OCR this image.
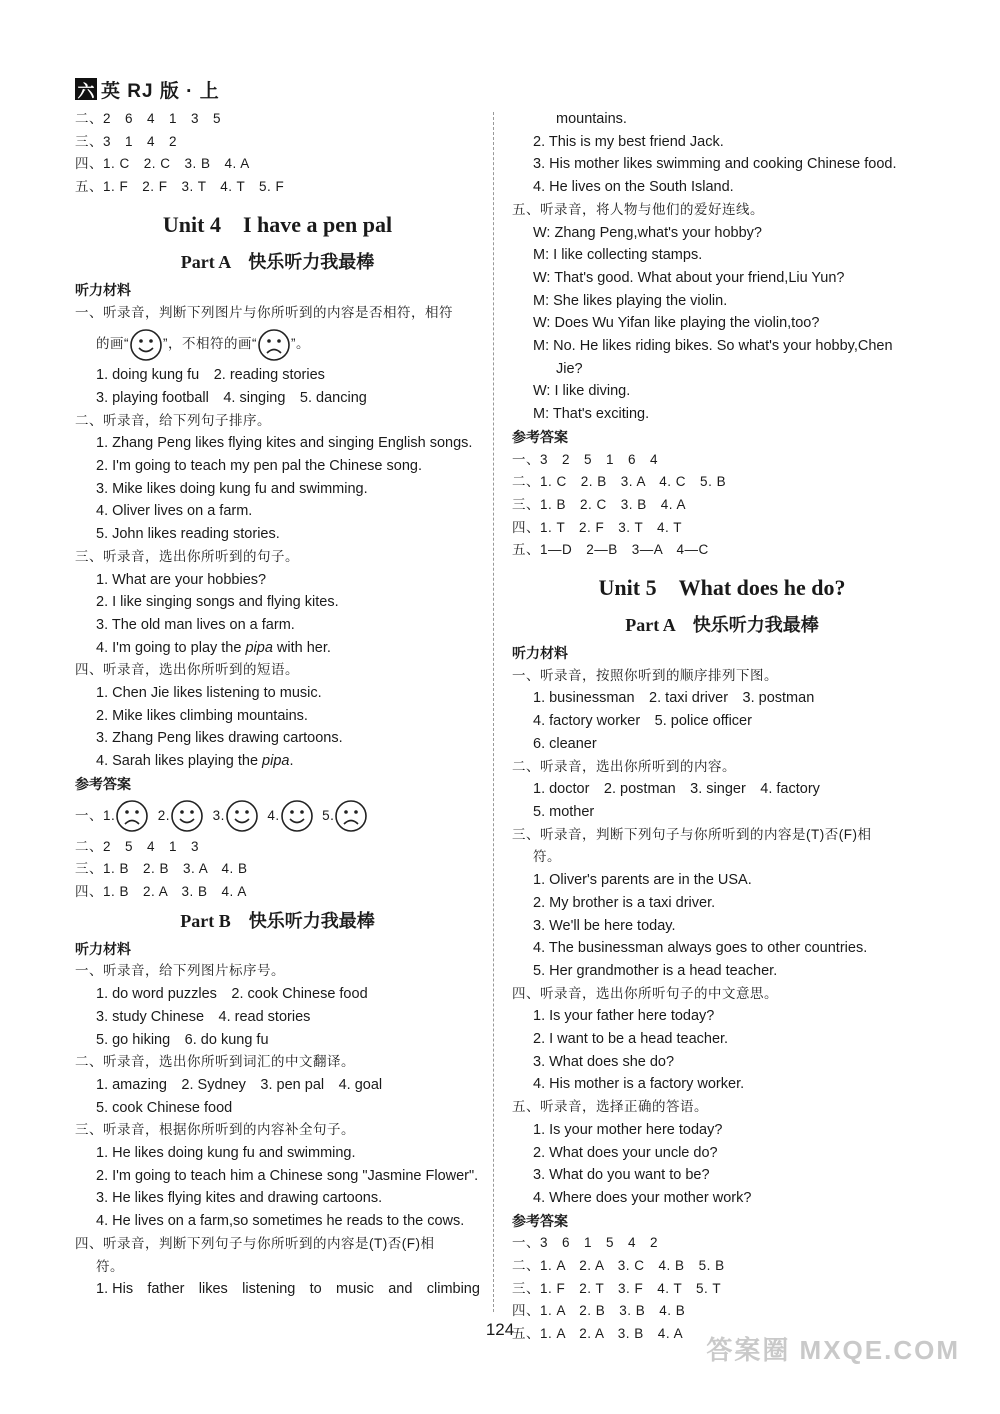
六 英 RJ 版 · 上
二、2　6　4　1　3　5
三、3　1　4　2
四、1. C　2. C　3. B　4. A
五、1. F　2. F　3. T　4. T　5. F
Unit 4　I have a pen pal
Part A　快乐听力我最棒
听力材料
一、听录音，判断下列图片与你所听到的内容是否相符，相符
的画“	”，不相符的画“	”。
1. doing kung fu　2. reading stories
3. playing football　4. singing　5. dancing
二、听录音，给下列句子排序。
1. Zhang Peng likes flying kites and singing English songs.
2. I'm going to teach my pen pal the Chinese song.
3. Mike likes doing kung fu and swimming.
4. Oliver lives on a farm.
5. John likes reading stories.
三、听录音，选出你所听到的句子。
1. What are your hobbies?
2. I like singing songs and flying kites.
3. The old man lives on a farm.
4. I'm going to play the pipa with her.
四、听录音，选出你所听到的短语。
1. Chen Jie likes listening to music.
2. Mike likes climbing mountains.
3. Zhang Peng likes drawing cartoons.
4. Sarah likes playing the pipa.
参考答案
一、1.	2.	3.	4.	5.
二、2　5　4　1　3
三、1. B　2. B　3. A　4. B
四、1. B　2. A　3. B　4. A
Part B　快乐听力我最棒
听力材料
一、听录音，给下列图片标序号。
1. do word puzzles　2. cook Chinese food
3. study Chinese　4. read stories
5. go hiking　6. do kung fu
二、听录音，选出你所听到词汇的中文翻译。
1. amazing　2. Sydney　3. pen pal　4. goal
5. cook Chinese food
三、听录音，根据你所听到的内容补全句子。
1. He likes doing kung fu and swimming.
2. I'm going to teach him a Chinese song "Jasmine Flower".
3. He likes flying kites and drawing cartoons.
4. He lives on a farm,so sometimes he reads to the cows.
四、听录音，判断下列句子与你所听到的内容是(T)否(F)相
符。
1. His father likes listening to music and climbing
mountains.
2. This is my best friend Jack.
3. His mother likes swimming and cooking Chinese food.
4. He lives on the South Island.
五、听录音，将人物与他们的爱好连线。
W: Zhang Peng,what's your hobby?
M: I like collecting stamps.
W: That's good. What about your friend,Liu Yun?
M: She likes playing the violin.
W: Does Wu Yifan like playing the violin,too?
M: No. He likes riding bikes. So what's your hobby,Chen
Jie?
W: I like diving.
M: That's exciting.
参考答案
一、3　2　5　1　6　4
二、1. C　2. B　3. A　4. C　5. B
三、1. B　2. C　3. B　4. A
四、1. T　2. F　3. T　4. T
五、1—D　2—B　3—A　4—C
Unit 5　What does he do?
Part A　快乐听力我最棒
听力材料
一、听录音，按照你听到的顺序排列下图。
1. businessman　2. taxi driver　3. postman
4. factory worker　5. police officer
6. cleaner
二、听录音，选出你所听到的内容。
1. doctor　2. postman　3. singer　4. factory
5. mother
三、听录音，判断下列句子与你所听到的内容是(T)否(F)相
符。
1. Oliver's parents are in the USA.
2. My brother is a taxi driver.
3. We'll be here today.
4. The businessman always goes to other countries.
5. Her grandmother is a head teacher.
四、听录音，选出你所听句子的中文意思。
1. Is your father here today?
2. I want to be a head teacher.
3. What does she do?
4. His mother is a factory worker.
五、听录音，选择正确的答语。
1. Is your mother here today?
2. What does your uncle do?
3. What do you want to be?
4. Where does your mother work?
参考答案
一、3　6　1　5　4　2
二、1. A　2. A　3. C　4. B　5. B
三、1. F　2. T　3. F　4. T　5. T
四、1. A　2. B　3. B　4. B
五、1. A　2. A　3. B　4. A
124
答案圈 MXQE.COM
